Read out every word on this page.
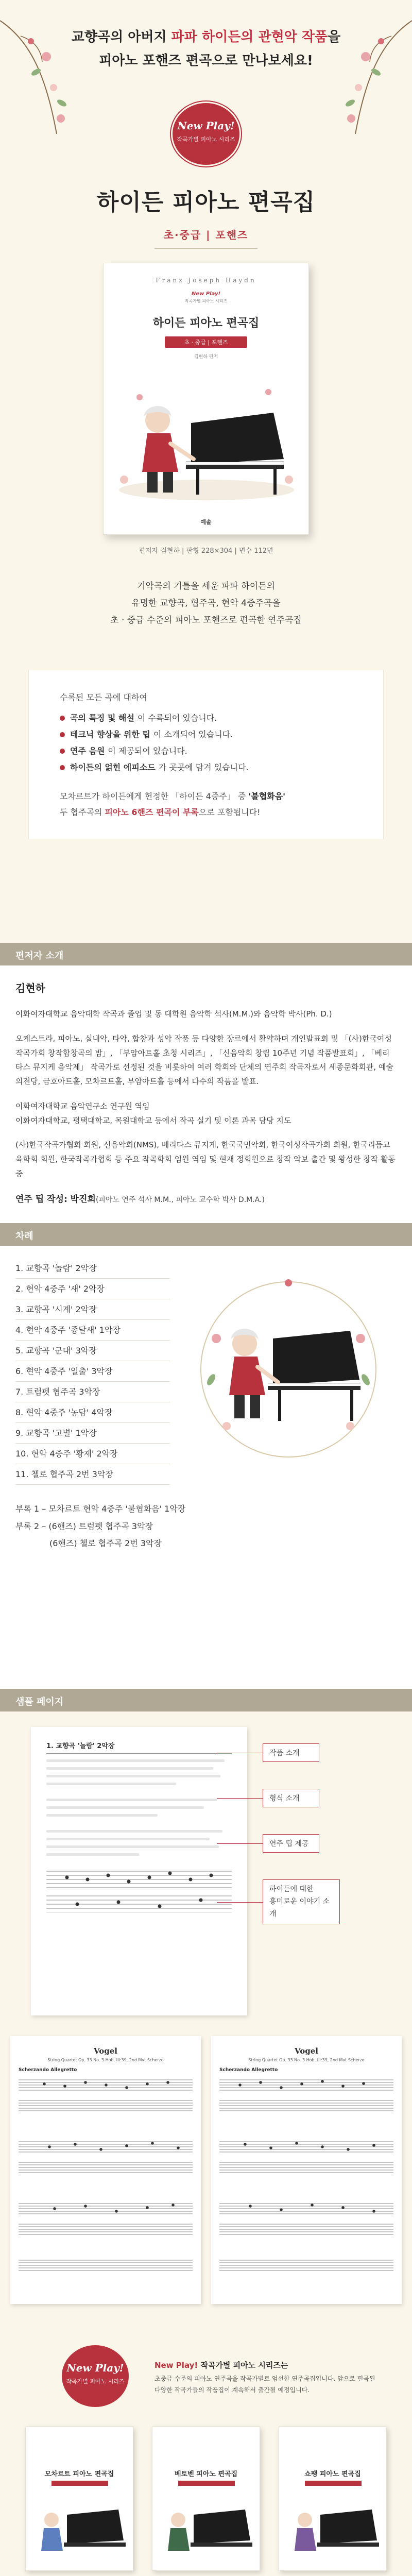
교향곡의 아버지 파파 하이든의 관현악 작품을
피아노 포핸즈 편곡으로 만나보세요!
New Play!
작곡가별 피아노 시리즈
하이든 피아노 편곡집
초·중급 | 포핸즈
Franz Joseph Haydn
New Play!
작곡가별 피아노 시리즈
하이든 피아노 편곡집
초 · 중급 | 포핸즈
김현하 편저
예솔
편저자 김현하 | 판형 228×304 | 면수 112면
기악곡의 기틀을 세운 파파 하이든의
유명한 교향곡, 협주곡, 현악 4중주곡을
초 · 중급 수준의 피아노 포핸즈로 편곡한 연주곡집
수록된 모든 곡에 대하여
곡의 특징 및 해설 이 수록되어 있습니다.
테크닉 향상을 위한 팁 이 소개되어 있습니다.
연주 음원 이 제공되어 있습니다.
하이든의 얽힌 에피소드 가 곳곳에 담겨 있습니다.
모차르트가 하이든에게 헌정한 「하이든 4중주」 중 '불협화음'
두 협주곡의 피아노 6핸즈 편곡이 부록으로 포함됩니다!
편저자 소개
김현하

이화여자대학교 음악대학 작곡과 졸업 및 동 대학원 음악학 석사(M.M.)와 음악학 박사(Ph. D.)

오케스트라, 피아노, 실내악, 타악, 합창과 성악 작품 등 다양한 장르에서 활약하며 개인발표회 및 「(사)한국여성작곡가회 창작합창곡의 밤」, 「부암아트홀 초청 시리즈」, 「신음악회 창립 10주년 기념 작품발표회」, 「베리타스 뮤지케 음악제」 작곡가로 선정된 것을 비롯하여 여러 학회와 단체의 연주회 작곡자로서 세종문화회관, 예술의전당, 금호아트홀, 모차르트홀, 부암아트홀 등에서 다수의 작품을 발표.

이화여자대학교 음악연구소 연구원 역임
이화여자대학교, 평택대학교, 목원대학교 등에서 작곡 실기 및 이론 과목 담당 지도

(사)한국작곡가협회 회원, 신음악회(NMS), 베리타스 뮤지케, 한국국민악회, 한국여성작곡가회 회원, 한국리듬교육학회 회원, 한국작곡가협회 등 주요 작곡학회 임원 역임 및 현재 정회원으로 창작 악보 출간 및 왕성한 창작 활동 중

연주 팁 작성: 박진희(피아노 연주 석사 M.M., 피아노 교수학 박사 D.M.A.)
차례
1. 교향곡 '놀람' 2악장
2. 현악 4중주 '새' 2악장
3. 교향곡 '시계' 2악장
4. 현악 4중주 '종달새' 1악장
5. 교향곡 '군대' 3악장
6. 현악 4중주 '일출' 3악장
7. 트럼펫 협주곡 3악장
8. 현악 4중주 '농담' 4악장
9. 교향곡 '고별' 1악장
10. 현악 4중주 '황제' 2악장
11. 첼로 협주곡 2번 3악장
부록 1 – 모차르트 현악 4중주 '불협화음' 1악장
부록 2 – (6핸즈) 트럼펫 협주곡 3악장
(6핸즈) 첼로 협주곡 2번 3악장
샘플 페이지
1. 교향곡 '놀람' 2악장
작품 소개
형식 소개
연주 팁 제공
하이든에 대한
흥미로운 이야기 소개
Vogel
String Quartet Op. 33 No. 3 Hob. III:39, 2nd Mvt Scherzo
Scherzando Allegretto
Vogel
String Quartet Op. 33 No. 3 Hob. III:39, 2nd Mvt Scherzo
Scherzando Allegretto
New Play!
작곡가별 피아노 시리즈
New Play! 작곡가별 피아노 시리즈는
초중급 수준의 피아노 연주곡을 작곡가별로 엄선한 연주곡집입니다. 앞으로 편곡된 다양한 작곡가들의 작품집이 계속해서 출간될 예정입니다.
모차르트 피아노 편곡집	베토벤 피아노 편곡집	쇼팽 피아노 편곡집
